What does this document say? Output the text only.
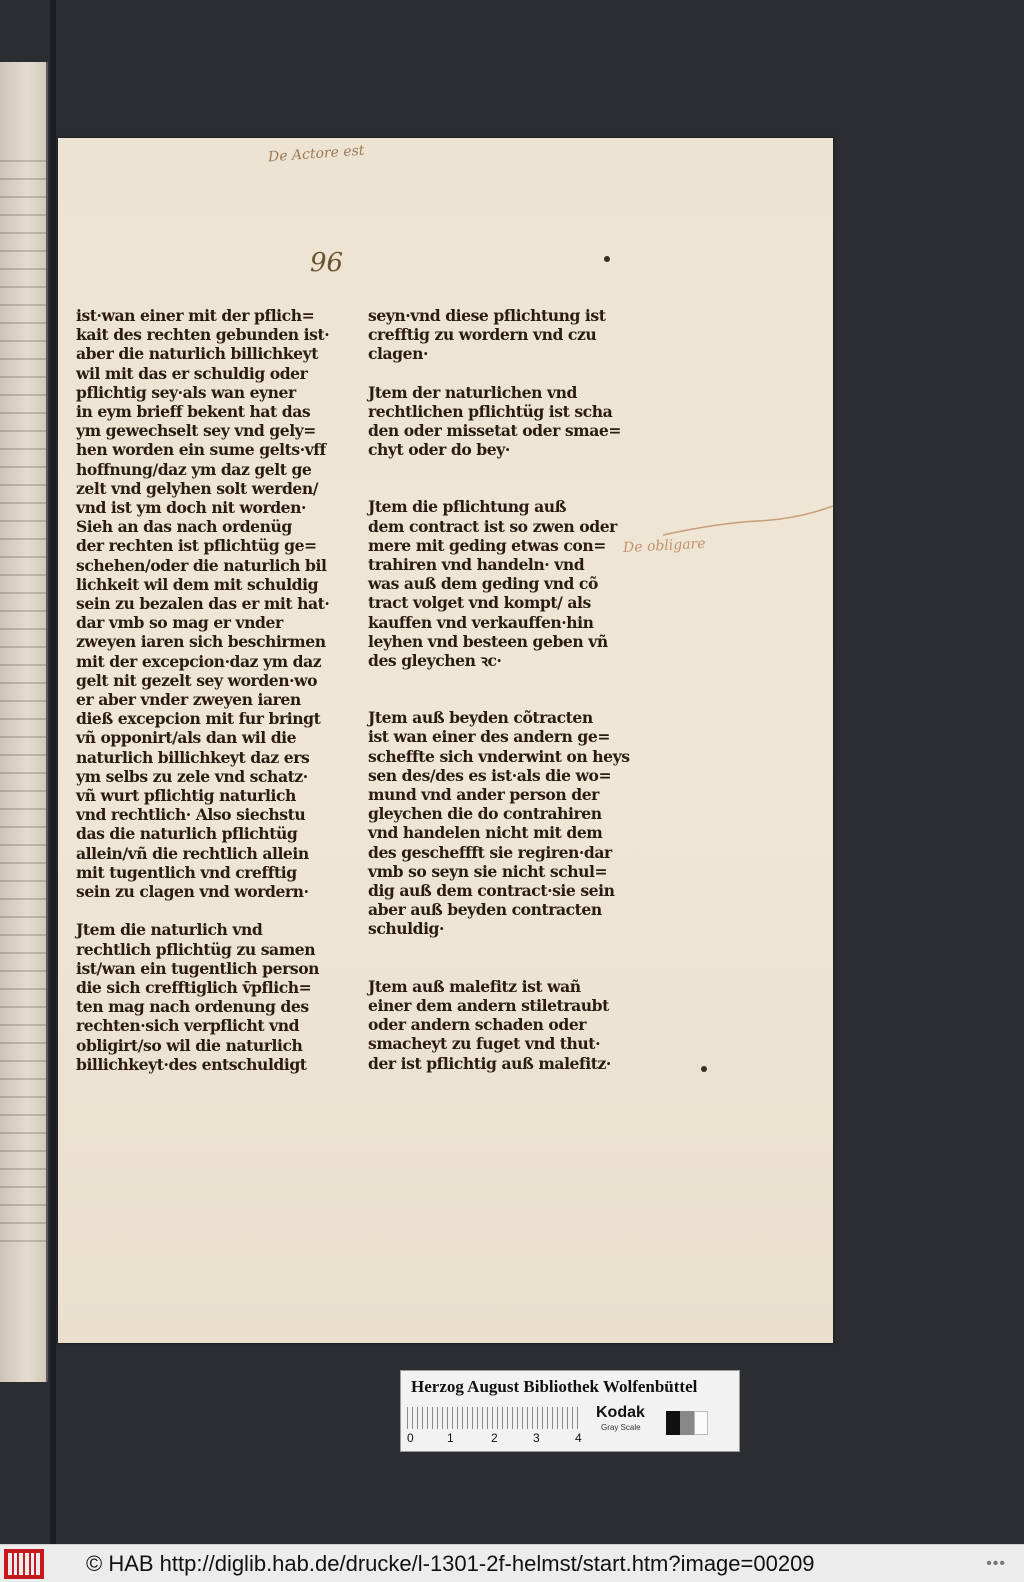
De Actore est
96
De obligare
ist·wan einer mit der pflich=
kait des rechten gebunden ist·
aber die naturlich billichkeyt
wil mit das er schuldig oder
pflichtig sey·als wan eyner
in eym brieff bekent hat das
ym gewechselt sey vnd gely=
hen worden ein sume gelts·vff
hoffnung/daz ym daz gelt ge
zelt vnd gelyhen solt werden/
vnd ist ym doch nit worden·
Sieh an das nach ordenüg
der rechten ist pflichtüg ge=
schehen/oder die naturlich bil
lichkeit wil dem mit schuldig
sein zu bezalen das er mit hat·
dar vmb so mag er vnder
zweyen iaren sich beschirmen
mit der excepcion·daz ym daz
gelt nit gezelt sey worden·wo
er aber vnder zweyen iaren
dieß excepcion mit fur bringt
vñ opponirt/als dan wil die
naturlich billichkeyt daz ers
ym selbs zu zele vnd schatz·
vñ wurt pflichtig naturlich
vnd rechtlich· Also siechstu
das die naturlich pflichtüg
allein/vñ die rechtlich allein
mit tugentlich vnd crefftig
sein zu clagen vnd wordern·
Jtem die naturlich vnd
rechtlich pflichtüg zu samen
ist/wan ein tugentlich person
die sich crefftiglich v̄pflich=
ten mag nach ordenung des
rechten·sich verpflicht vnd
obligirt/so wil die naturlich
billichkeyt·des entschuldigt
seyn·vnd diese pflichtung ist
crefftig zu wordern vnd czu
clagen·
Jtem der naturlichen vnd
rechtlichen pflichtüg ist scha
den oder missetat oder smae=
chyt oder do bey·
Jtem die pflichtung auß
dem contract ist so zwen oder
mere mit geding etwas con=
trahiren vnd handeln· vnd
was auß dem geding vnd cõ
tract volget vnd kompt/ als
kauffen vnd verkauffen·hin
leyhen vnd besteen geben vñ
des gleychen ꝛc·
Jtem auß beyden cõtracten
ist wan einer des andern ge=
scheffte sich vnderwint on heys
sen des/des es ist·als die wo=
mund vnd ander person der
gleychen die do contrahiren
vnd handelen nicht mit dem
des gescheffft sie regiren·dar
vmb so seyn sie nicht schul=
dig auß dem contract·sie sein
aber auß beyden contracten
schuldig·
Jtem auß malefitz ist wañ
einer dem andern stiletraubt
oder andern schaden oder
smacheyt zu fuget vnd thut·
der ist pflichtig auß malefitz·
Herzog August Bibliothek Wolfenbüttel
0	1	2	3	4
Kodak
Gray Scale
© HAB http://diglib.hab.de/drucke/l-1301-2f-helmst/start.htm?image=00209	•••
